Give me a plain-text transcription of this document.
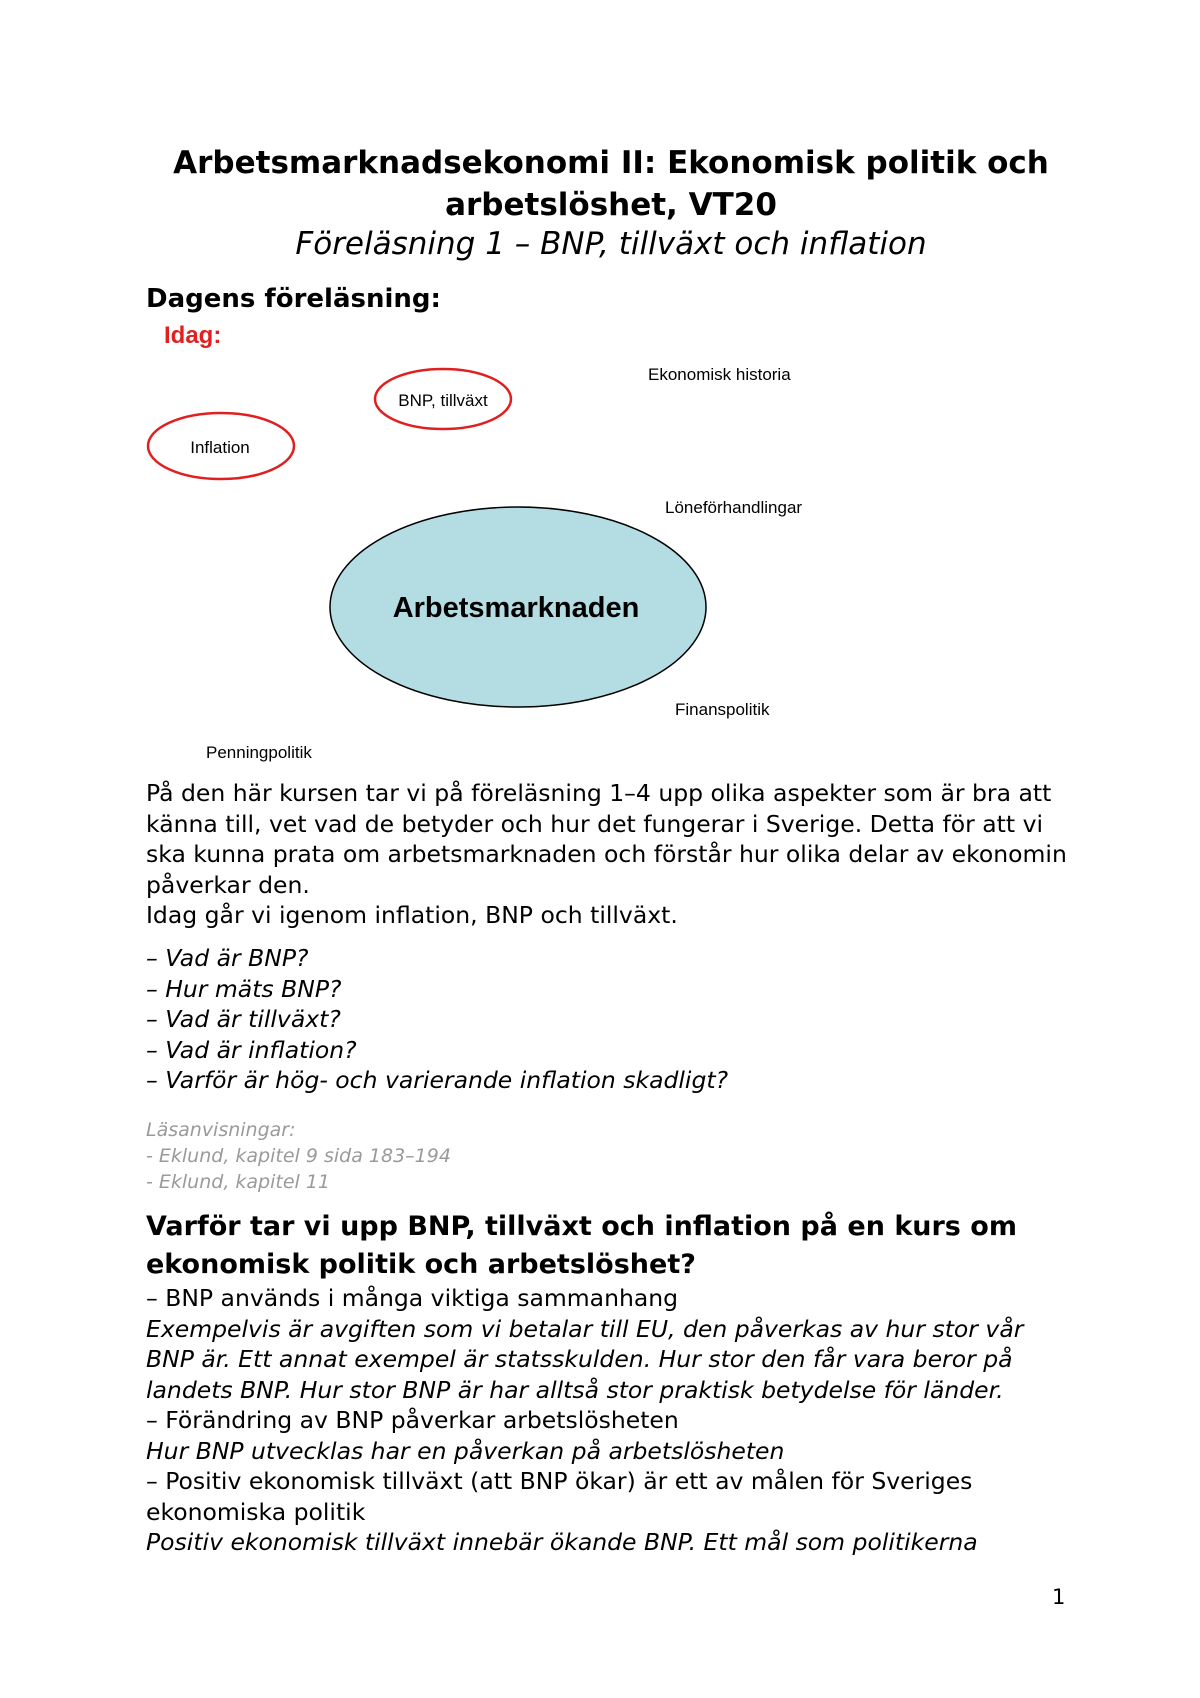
Arbetsmarknadsekonomi II: Ekonomisk politik och arbetslöshet, VT20
Föreläsning 1 – BNP, tillväxt och inflation
Dagens föreläsning:
Idag:
BNP, tillväxt
Inflation
Ekonomisk historia
Löneförhandlingar
Arbetsmarknaden
Finanspolitik
Penningpolitik

På den här kursen tar vi på föreläsning 1–4 upp olika aspekter som är bra att känna till, vet vad de betyder och hur det fungerar i Sverige. Detta för att vi ska kunna prata om arbetsmarknaden och förstår hur olika delar av ekonomin påverkar den.

Idag går vi igenom inflation, BNP och tillväxt.

– Vad är BNP?
– Hur mäts BNP?
– Vad är tillväxt?
– Vad är inflation?
– Varför är hög- och varierande inflation skadligt?
Läsanvisningar:
- Eklund, kapitel 9 sida 183–194
- Eklund, kapitel 11
Varför tar vi upp BNP, tillväxt och inflation på en kurs om ekonomisk politik och arbetslöshet?

– BNP används i många viktiga sammanhang

Exempelvis är avgiften som vi betalar till EU, den påverkas av hur stor vår BNP är. Ett annat exempel är statsskulden. Hur stor den får vara beror på landets BNP. Hur stor BNP är har alltså stor praktisk betydelse för länder.

– Förändring av BNP påverkar arbetslösheten

Hur BNP utvecklas har en påverkan på arbetslösheten

– Positiv ekonomisk tillväxt (att BNP ökar) är ett av målen för Sveriges ekonomiska politik

Positiv ekonomisk tillväxt innebär ökande BNP. Ett mål som politikerna

1
